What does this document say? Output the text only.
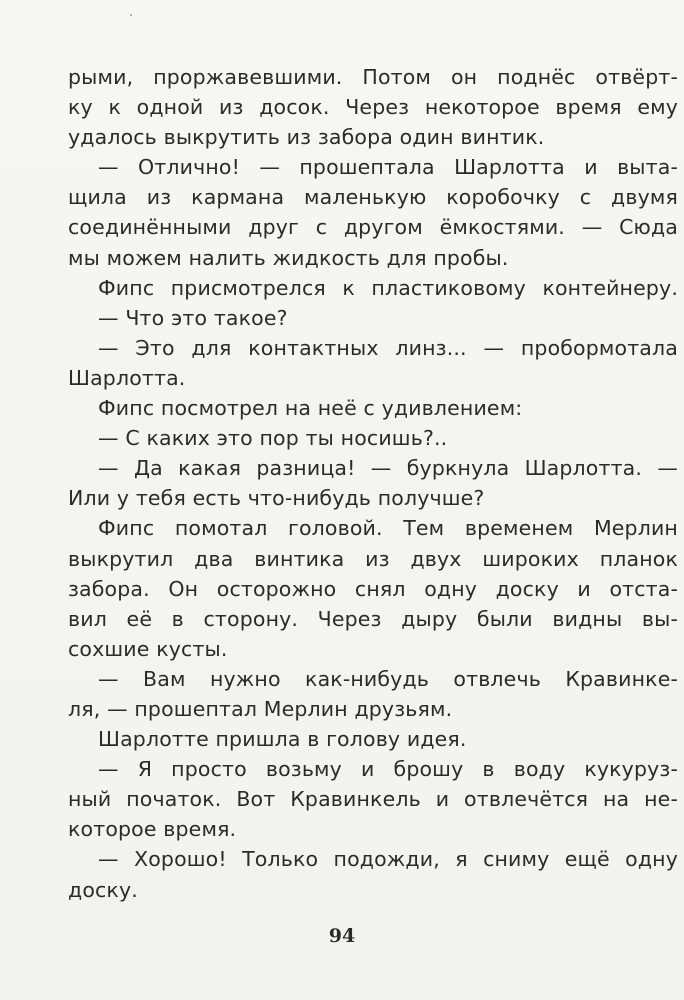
рыми, проржавевшими. Потом он поднёс отвёрт-
ку к одной из досок. Через некоторое время ему
удалось выкрутить из забора один винтик.
— Отлично! — прошептала Шарлотта и выта-
щила из кармана маленькую коробочку с двумя
соединёнными друг с другом ёмкостями. — Сюда
мы можем налить жидкость для пробы.
Фипс присмотрелся к пластиковому контейнеру.
— Что это такое?
— Это для контактных линз... — пробормотала
Шарлотта.
Фипс посмотрел на неё с удивлением:
— С каких это пор ты носишь?..
— Да какая разница! — буркнула Шарлотта. —
Или у тебя есть что-нибудь получше?
Фипс помотал головой. Тем временем Мерлин
выкрутил два винтика из двух широких планок
забора. Он осторожно снял одну доску и отста-
вил её в сторону. Через дыру были видны вы-
сохшие кусты.
— Вам нужно как-нибудь отвлечь Кравинке-
ля, — прошептал Мерлин друзьям.
Шарлотте пришла в голову идея.
— Я просто возьму и брошу в воду кукуруз-
ный початок. Вот Кравинкель и отвлечётся на не-
которое время.
— Хорошо! Только подожди, я сниму ещё одну
доску.
94
